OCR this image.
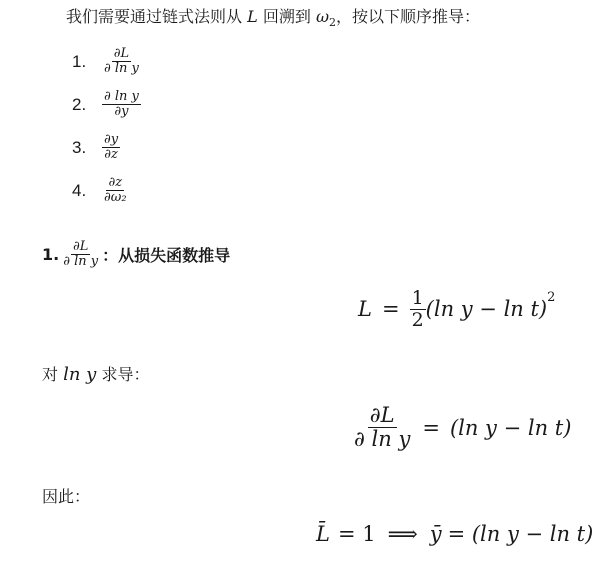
我们需要通过链式法则从 L 回溯到 $\omega_2$，按以下顺序推导：
1.	$\frac{\partial L}{\text{∂ ln y}}$
2.	$\frac{\text{∂ ln y}}{\partial y}$
3.	$\frac{\partial y}{\partial z}$
4.	$\frac{\partial z}{\text{∂ω₂}}$
1. $\frac{\partial L}{\text{∂ ln y}}$ ：从损失函数推导
$L = \frac{1}{2} (\ln$ y − ln t)$^2$
对 ln y 求导：
$\frac{\partial L}{\text{∂ ln y}} = (\ln$ y − ln t)
因此：
L̄ = 1 ⟹ ȳ = (ln y − ln t)
